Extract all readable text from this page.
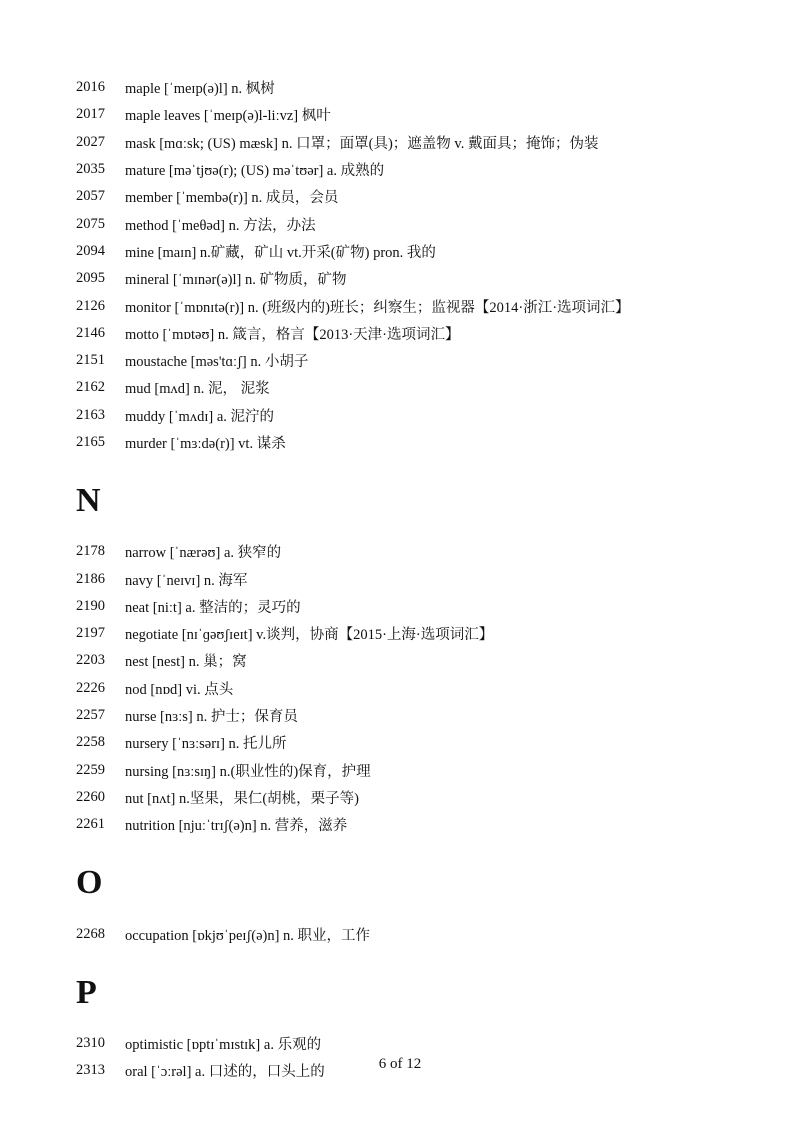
2016	maple [ˈmeɪp(ə)l] n. 枫树
2017	maple leaves [ˈmeɪp(ə)l-liːvz] 枫叶
2027	mask [mɑːsk; (US) mæsk] n. 口罩；面罩(具)；遮盖物 v. 戴面具；掩饰；伪装
2035	mature [məˈtjʊə(r); (US) məˈtʊər] a. 成熟的
2057	member [ˈmembə(r)] n. 成员，会员
2075	method [ˈmeθəd] n. 方法，办法
2094	mine [maɪn] n.矿藏，矿山 vt.开采(矿物) pron. 我的
2095	mineral [ˈmɪnər(ə)l] n. 矿物质，矿物
2126	monitor [ˈmɒnɪtə(r)] n. (班级内的)班长；纠察生；监视器【2014·浙江·选项词汇】
2146	motto [ˈmɒtəʊ] n. 箴言，格言【2013·天津·选项词汇】
2151	moustache [məs'tɑːʃ] n. 小胡子
2162	mud [mʌd] n. 泥， 泥浆
2163	muddy [ˈmʌdɪ] a. 泥泞的
2165	murder [ˈmɜːdə(r)] vt. 谋杀
N
2178	narrow [ˈnærəʊ] a. 狭窄的
2186	navy [ˈneɪvɪ] n. 海军
2190	neat [niːt] a. 整洁的；灵巧的
2197	negotiate [nɪˈɡəʊʃɪeɪt] v.谈判，协商【2015·上海·选项词汇】
2203	nest [nest] n. 巢；窝
2226	nod [nɒd] vi. 点头
2257	nurse [nɜːs] n. 护士；保育员
2258	nursery [ˈnɜːsərɪ] n. 托儿所
2259	nursing [nɜːsɪŋ] n.(职业性的)保育，护理
2260	nut [nʌt] n.坚果，果仁(胡桃，栗子等)
2261	nutrition [njuːˈtrɪʃ(ə)n] n. 营养，滋养
O
2268	occupation [ɒkjʊˈpeɪʃ(ə)n] n. 职业，工作
P
2310	optimistic [ɒptɪˈmɪstɪk] a. 乐观的
2313	oral [ˈɔːrəl] a. 口述的，口头上的
6 of 12
